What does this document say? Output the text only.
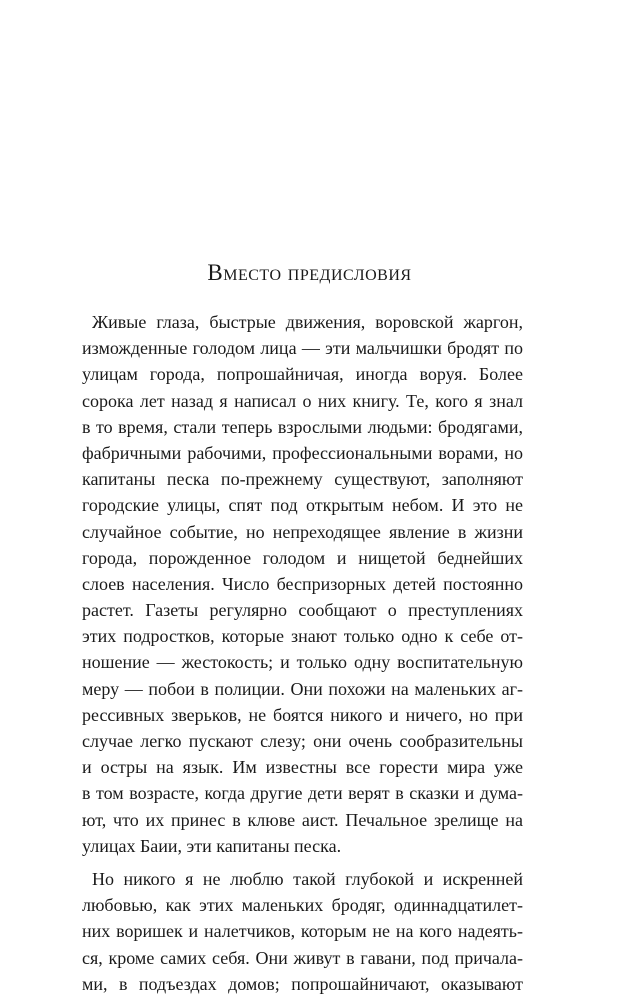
Вместо предисловия
Живые глаза, быстрые движения, воровской жаргон,
изможденные голодом лица — эти мальчишки бродят по
улицам города, попрошайничая, иногда воруя. Более
сорока лет назад я написал о них книгу. Те, кого я знал
в то время, стали теперь взрослыми людьми: бродягами,
фабричными рабочими, профессиональными ворами, но
капитаны песка по-прежнему существуют, заполняют
городские улицы, спят под открытым небом. И это не
случайное событие, но непреходящее явление в жизни
города, порожденное голодом и нищетой беднейших
слоев населения. Число беспризорных детей постоянно
растет. Газеты регулярно сообщают о преступлениях
этих подростков, которые знают только одно к себе от-
ношение — жестокость; и только одну воспитательную
меру — побои в полиции. Они похожи на маленьких аг-
рессивных зверьков, не боятся никого и ничего, но при
случае легко пускают слезу; они очень сообразительны
и остры на язык. Им известны все горести мира уже
в том возрасте, когда другие дети верят в сказки и дума-
ют, что их принес в клюве аист. Печальное зрелище на
улицах Баии, эти капитаны песка.
Но никого я не люблю такой глубокой и искренней
любовью, как этих маленьких бродяг, одиннадцатилет-
них воришек и налетчиков, которым не на кого надеять-
ся, кроме самих себя. Они живут в гавани, под причала-
ми, в подъездах домов; попрошайничают, оказывают
